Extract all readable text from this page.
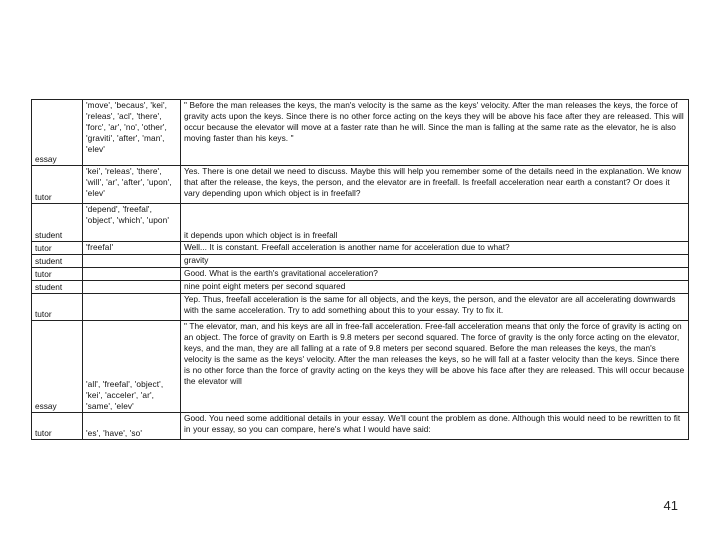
essay	'move', 'becaus', 'kei', 'releas', 'acl', 'there', 'forc', 'ar', 'no', 'other', 'graviti', 'after', 'man', 'elev'	" Before the man releases the keys, the man's velocity is the same as the keys' velocity. After the man releases the keys, the force of gravity acts upon the keys. Since there is no other force acting on the keys they will be above his face after they are released. This will occur because the elevator will move at a faster rate than he will. Since the man is falling at the same rate as the elevator, he is also moving faster than his keys. "
tutor	'kei', 'releas', 'there', 'will', 'ar', 'after', 'upon', 'elev'	Yes. There is one detail we need to discuss. Maybe this will help you remember some of the details need in the explanation. We know that after the release, the keys, the person, and the elevator are in freefall. Is freefall acceleration near earth a constant? Or does it vary depending upon which object is in freefall?
student	'depend', 'freefal', 'object', 'which', 'upon'	it depends upon which object is in freefall
tutor	'freefal'	Well... It is constant. Freefall acceleration is another name for acceleration due to what?
student		gravity
tutor		Good. What is the earth's gravitational acceleration?
student		nine point eight meters per second squared
tutor		Yep. Thus, freefall acceleration is the same for all objects, and the keys, the person, and the elevator are all accelerating downwards with the same acceleration. Try to add something about this to your essay. Try to fix it.
essay	'all', 'freefal', 'object', 'kei', 'acceler', 'ar', 'same', 'elev'	" The elevator, man, and his keys are all in free-fall acceleration. Free-fall acceleration means that only the force of gravity is acting on an object. The force of gravity on Earth is 9.8 meters per second squared. The force of gravity is the only force acting on the elevator, keys, and the man, they are all falling at a rate of 9.8 meters per second squared. Before the man releases the keys, the man's velocity is the same as the keys' velocity. After the man releases the keys, so he will fall at a faster velocity than the keys. Since there is no other force than the force of gravity acting on the keys they will be above his face after they are released. This will occur because the elevator will
tutor	'es', 'have', 'so'	Good. You need some additional details in your essay. We'll count the problem as done. Although this would need to be rewritten to fit in your essay, so you can compare, here's what I would have said:
41
